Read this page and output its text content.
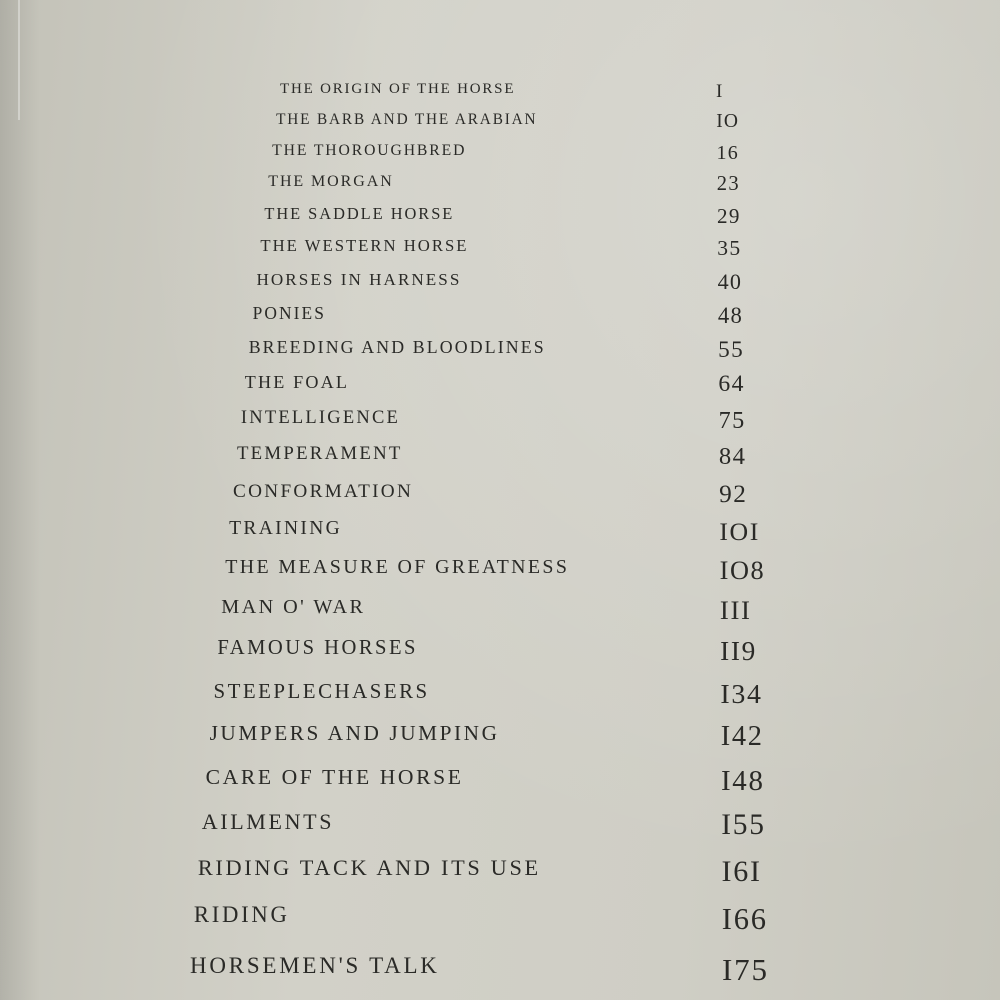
THE ORIGIN OF THE HORSE	I
THE BARB AND THE ARABIAN	IO
THE THOROUGHBRED	16
THE MORGAN	23
THE SADDLE HORSE	29
THE WESTERN HORSE	35
HORSES IN HARNESS	40
PONIES	48
BREEDING AND BLOODLINES	55
THE FOAL	64
INTELLIGENCE	75
TEMPERAMENT	84
CONFORMATION	92
TRAINING	IOI
THE MEASURE OF GREATNESS	IO8
MAN O' WAR	III
FAMOUS HORSES	II9
STEEPLECHASERS	I34
JUMPERS AND JUMPING	I42
CARE OF THE HORSE	I48
AILMENTS	I55
RIDING TACK AND ITS USE	I6I
RIDING	I66
HORSEMEN'S TALK	I75
